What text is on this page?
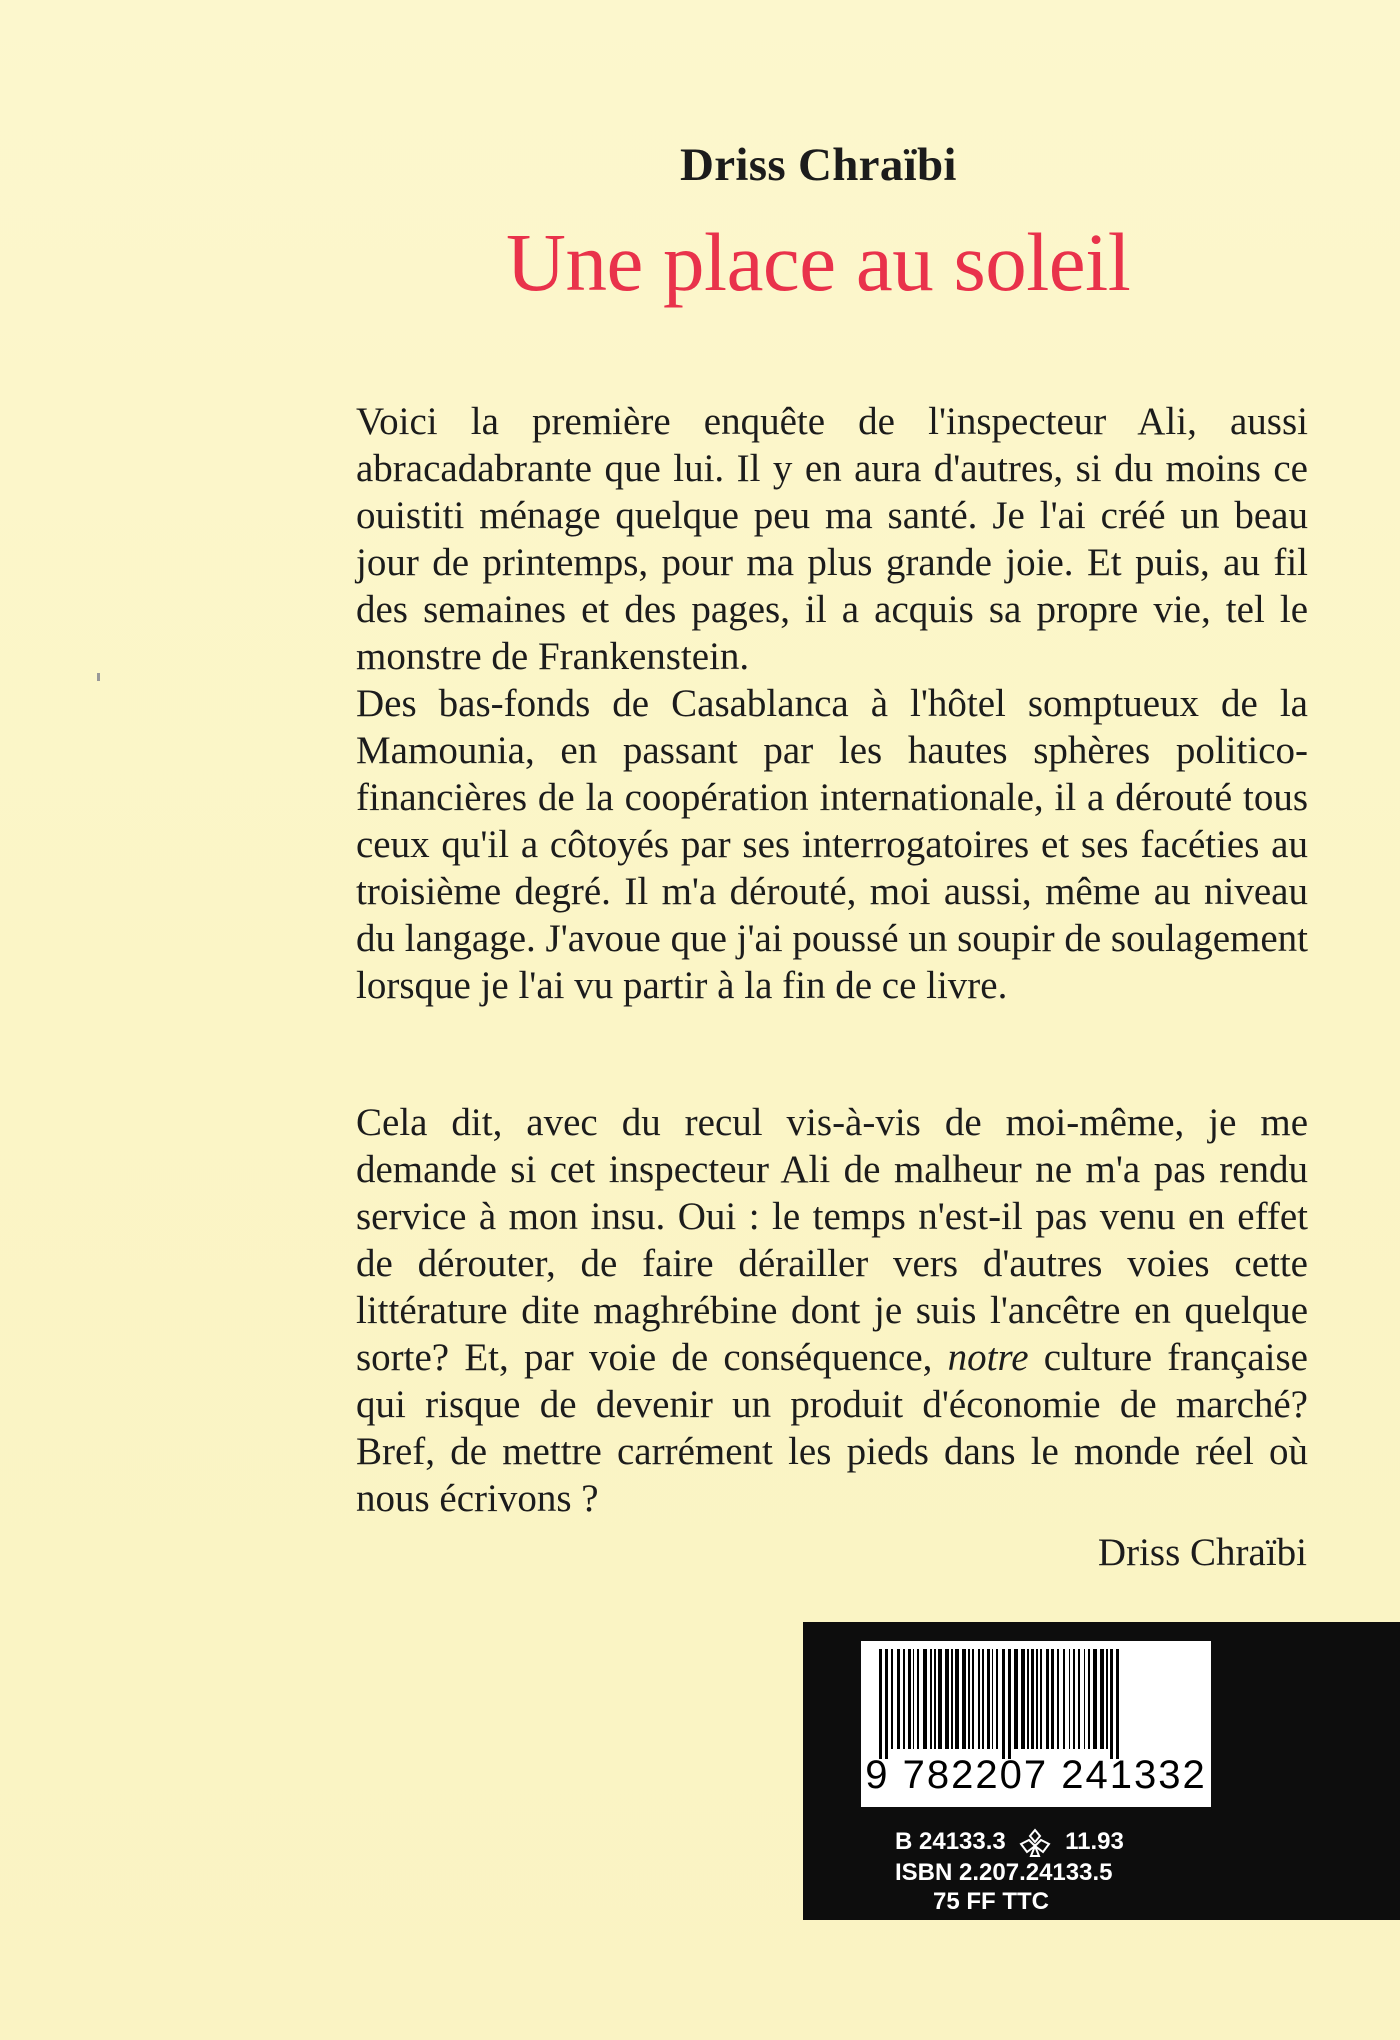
Driss Chraïbi
Une place au soleil

Voici la première enquête de l'inspecteur Ali, aussi abracadabrante que lui. Il y en aura d'autres, si du moins ce ouistiti ménage quelque peu ma santé. Je l'ai créé un beau jour de printemps, pour ma plus grande joie. Et puis, au fil des semaines et des pages, il a acquis sa propre vie, tel le monstre de Frankenstein.

Des bas-fonds de Casablanca à l'hôtel somptueux de la Mamounia, en passant par les hautes sphères politico-financières de la coopération internationale, il a dérouté tous ceux qu'il a côtoyés par ses interrogatoires et ses facéties au troisième degré. Il m'a dérouté, moi aussi, même au niveau du langage. J'avoue que j'ai poussé un soupir de soulagement lorsque je l'ai vu partir à la fin de ce livre.

Cela dit, avec du recul vis-à-vis de moi-même, je me demande si cet inspecteur Ali de malheur ne m'a pas rendu service à mon insu. Oui : le temps n'est-il pas venu en effet de dérouter, de faire dérailler vers d'autres voies cette littérature dite maghrébine dont je suis l'ancêtre en quelque sorte? Et, par voie de conséquence, notre culture française qui risque de devenir un produit d'économie de marché? Bref, de mettre carrément les pieds dans le monde réel où nous écrivons ?

Driss Chraïbi
9 782207 241332
B 24133.3 11.93
ISBN 2.207.24133.5
75 FF TTC
